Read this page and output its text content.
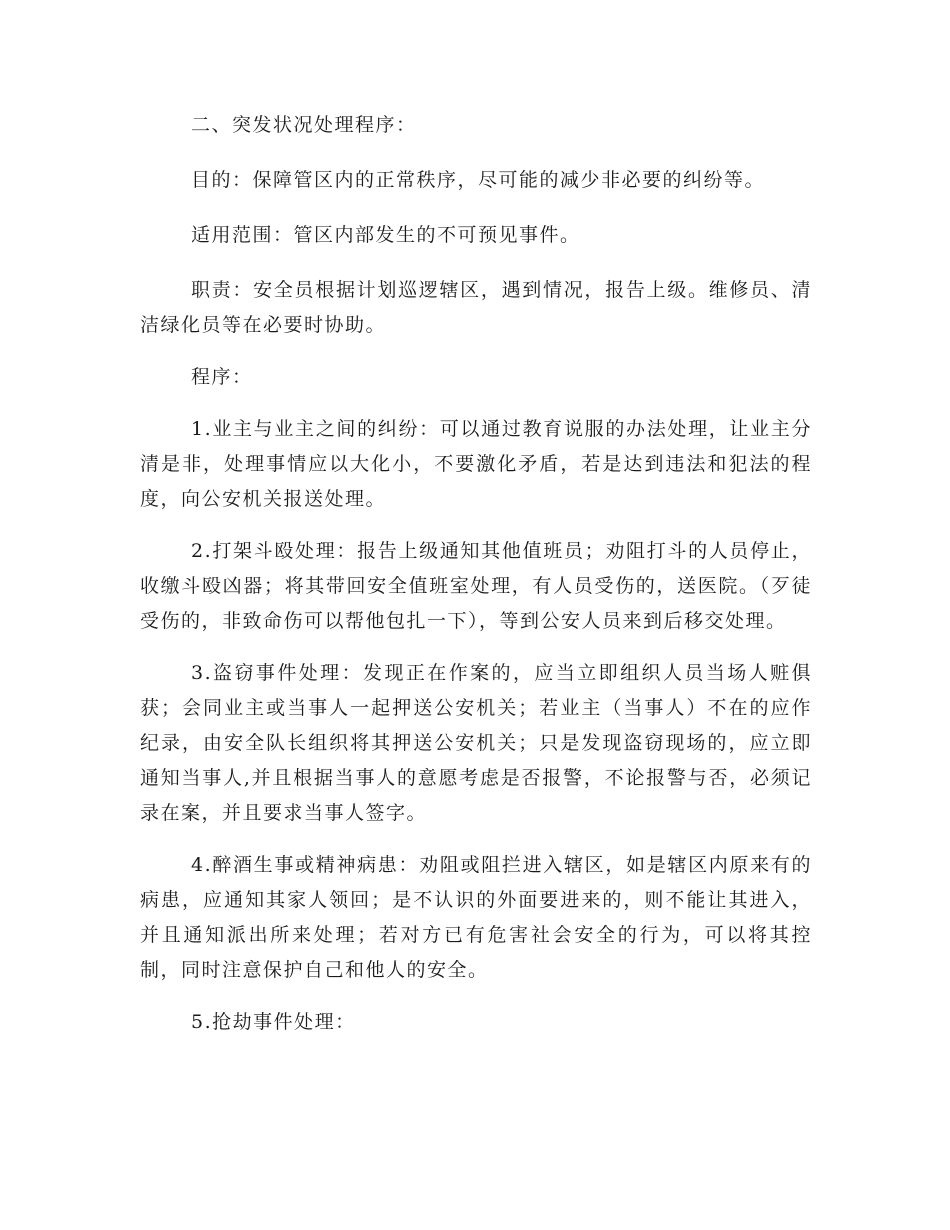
二、突发状况处理程序：

目的：保障管区内的正常秩序，尽可能的减少非必要的纠纷等。

适用范围：管区内部发生的不可预见事件。

职责：安全员根据计划巡逻辖区，遇到情况，报告上级。维修员、清洁绿化员等在必要时协助。

程序：

1.业主与业主之间的纠纷：可以通过教育说服的办法处理，让业主分清是非，处理事情应以大化小，不要激化矛盾，若是达到违法和犯法的程度，向公安机关报送处理。

2.打架斗殴处理：报告上级通知其他值班员；劝阻打斗的人员停止，收缴斗殴凶器；将其带回安全值班室处理，有人员受伤的，送医院。（歹徒受伤的，非致命伤可以帮他包扎一下），等到公安人员来到后移交处理。

3.盗窃事件处理：发现正在作案的，应当立即组织人员当场人赃俱获；会同业主或当事人一起押送公安机关；若业主（当事人）不在的应作纪录，由安全队长组织将其押送公安机关；只是发现盗窃现场的，应立即通知当事人,并且根据当事人的意愿考虑是否报警，不论报警与否，必须记录在案，并且要求当事人签字。

4.醉酒生事或精神病患：劝阻或阻拦进入辖区，如是辖区内原来有的病患，应通知其家人领回；是不认识的外面要进来的，则不能让其进入，并且通知派出所来处理；若对方已有危害社会安全的行为，可以将其控制，同时注意保护自己和他人的安全。

5.抢劫事件处理：
